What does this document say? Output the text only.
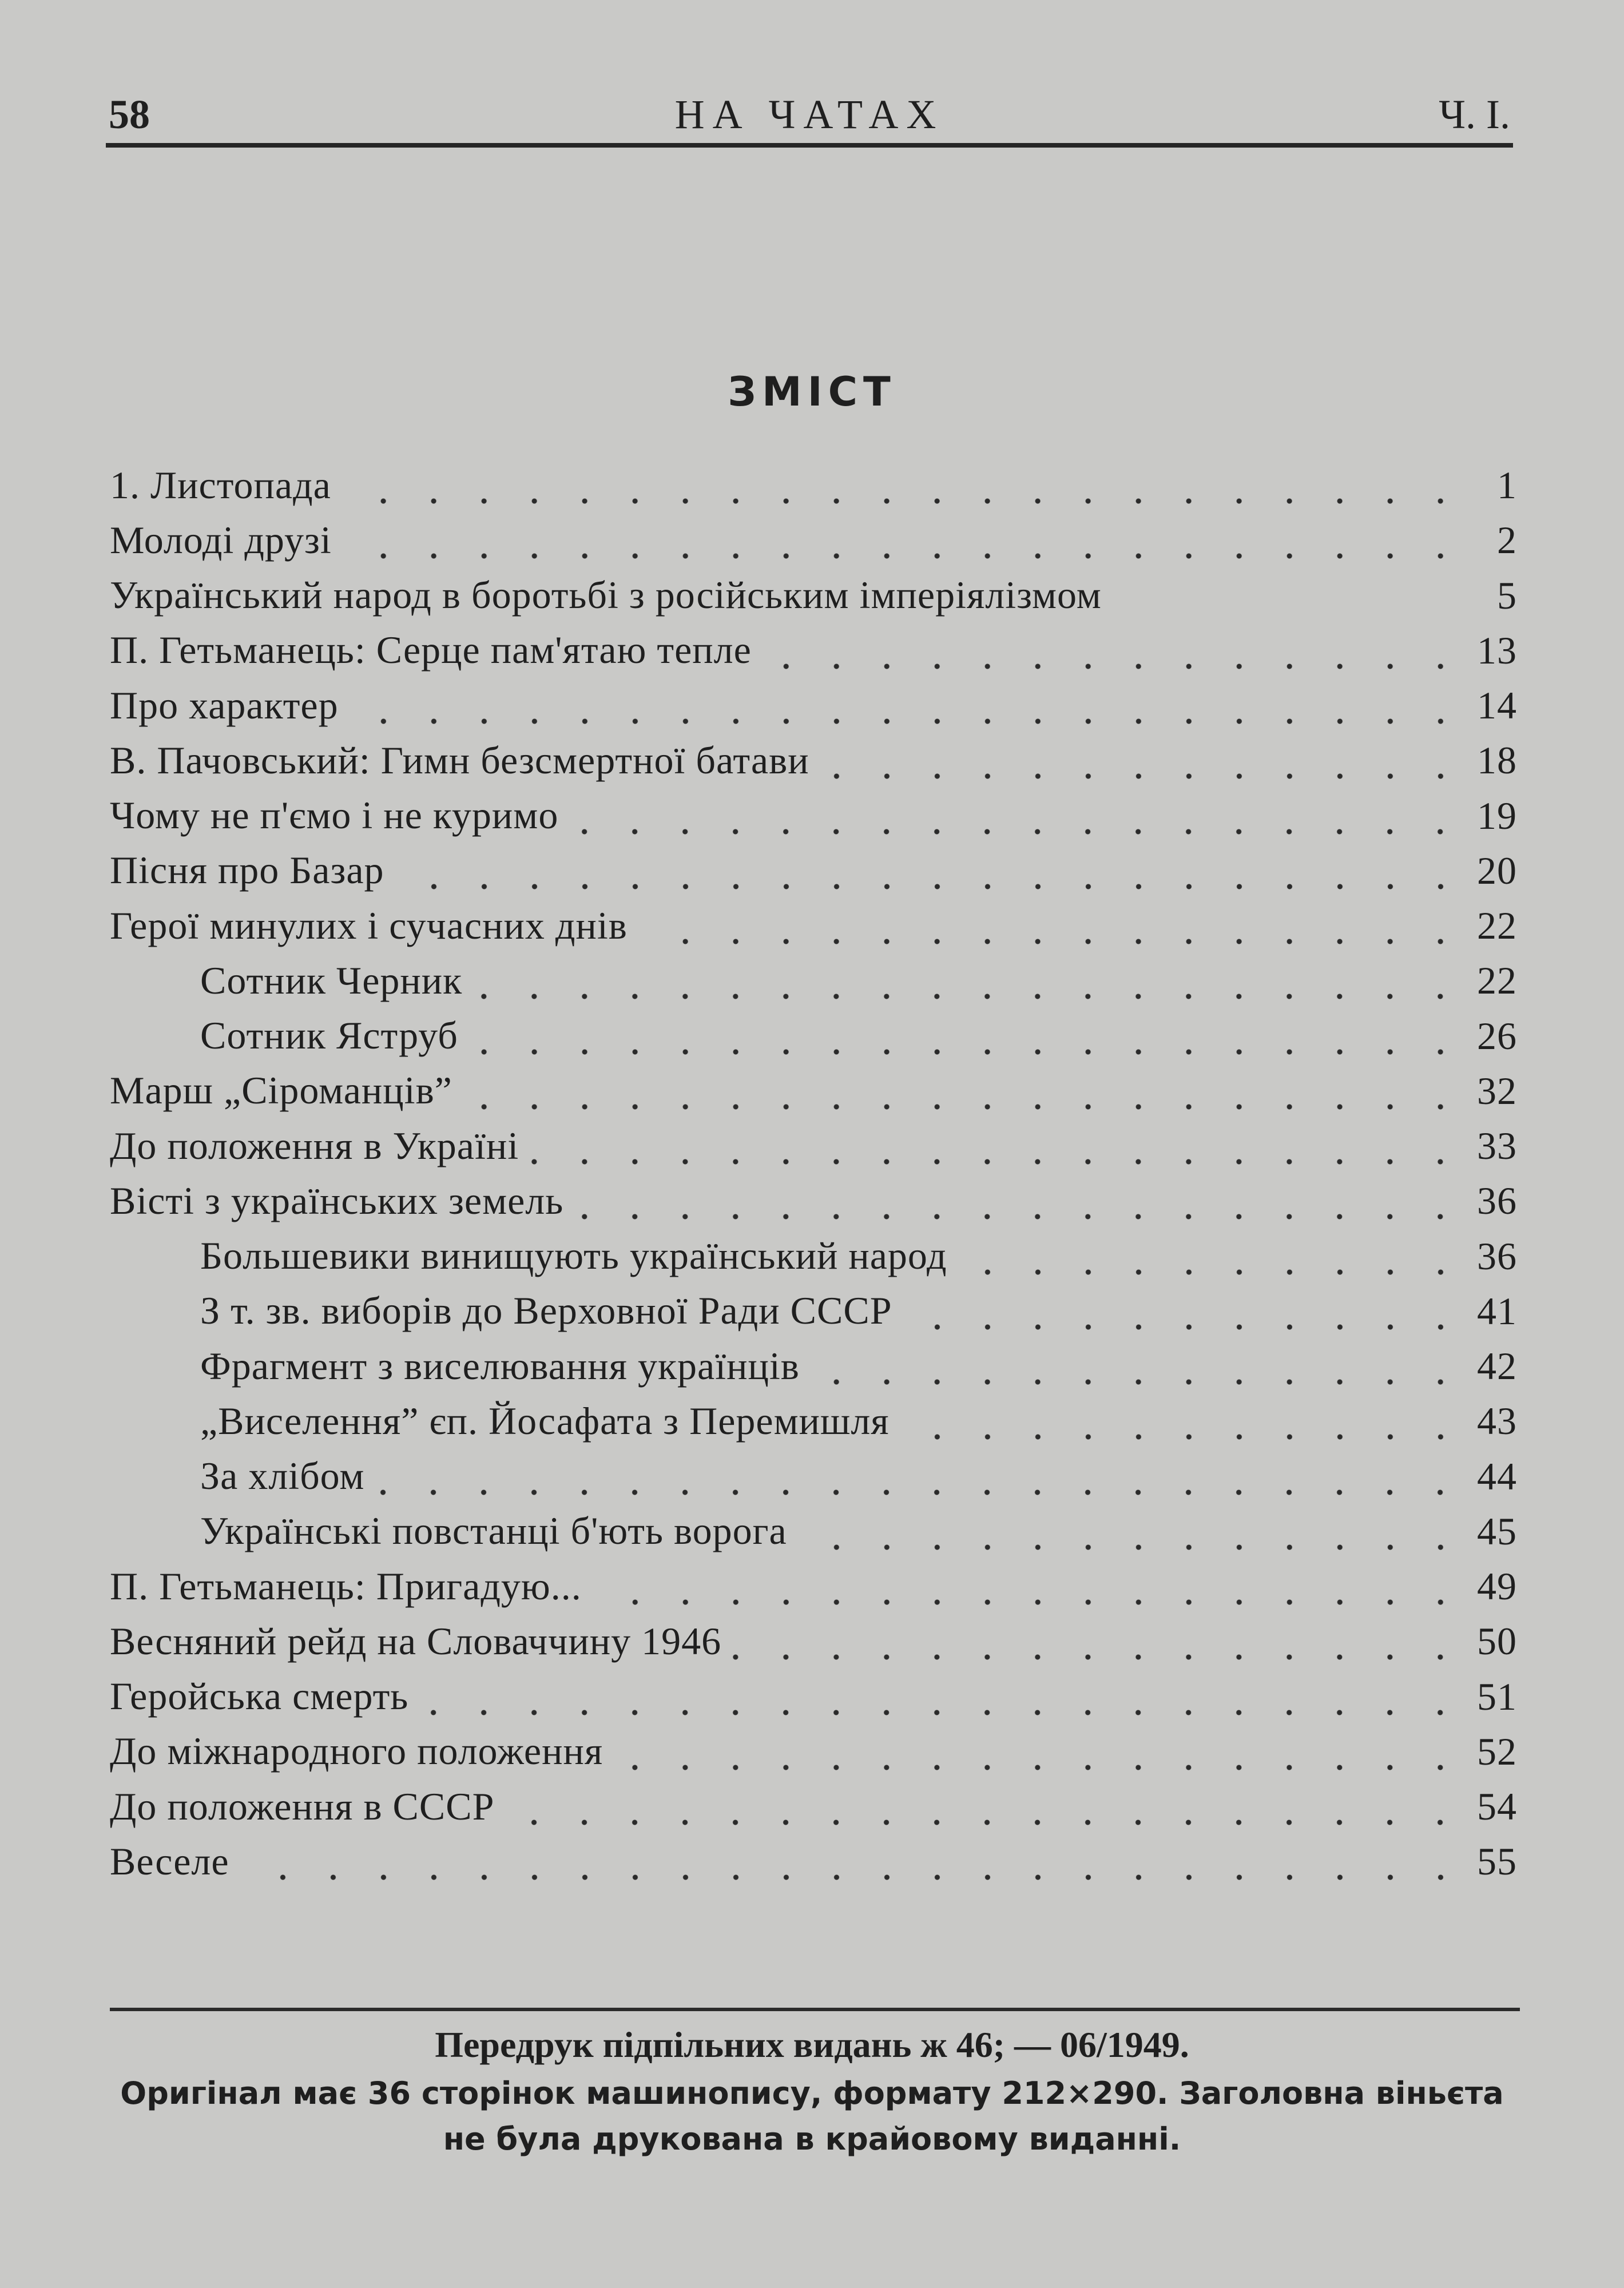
58	НА ЧАТАХ	Ч. І.
ЗМІСТ
1. Листопада	1
Молоді друзі	2
Український народ в боротьбі з російським імперіялізмом	5
П. Гетьманець: Серце пам'ятаю тепле	13
Про характер	14
В. Пачовський: Гимн безсмертної батави	18
Чому не п'ємо і не куримо	19
Пісня про Базар	20
Герої минулих і сучасних днів	22
Сотник Черник	22
Сотник Яструб	26
Марш „Сіроманців”	32
До положення в Україні	33
Вісті з українських земель	36
Большевики винищують український народ	36
З т. зв. виборів до Верховної Ради СССР	41
Фрагмент з виселювання українців	42
„Виселення” єп. Йосафата з Перемишля	43
За хлібом	44
Українські повстанці б'ють ворога	45
П. Гетьманець: Пригадую...	49
Весняний рейд на Словаччину 1946	50
Геройська смерть	51
До міжнародного положення	52
До положення в СССР	54
Веселе	55
Передрук підпільних видань ж 46; — 06/1949.
Оригінал має 36 сторінок машинопису, формату 212×290. Заголовна віньєта
не була друкована в крайовому виданні.
